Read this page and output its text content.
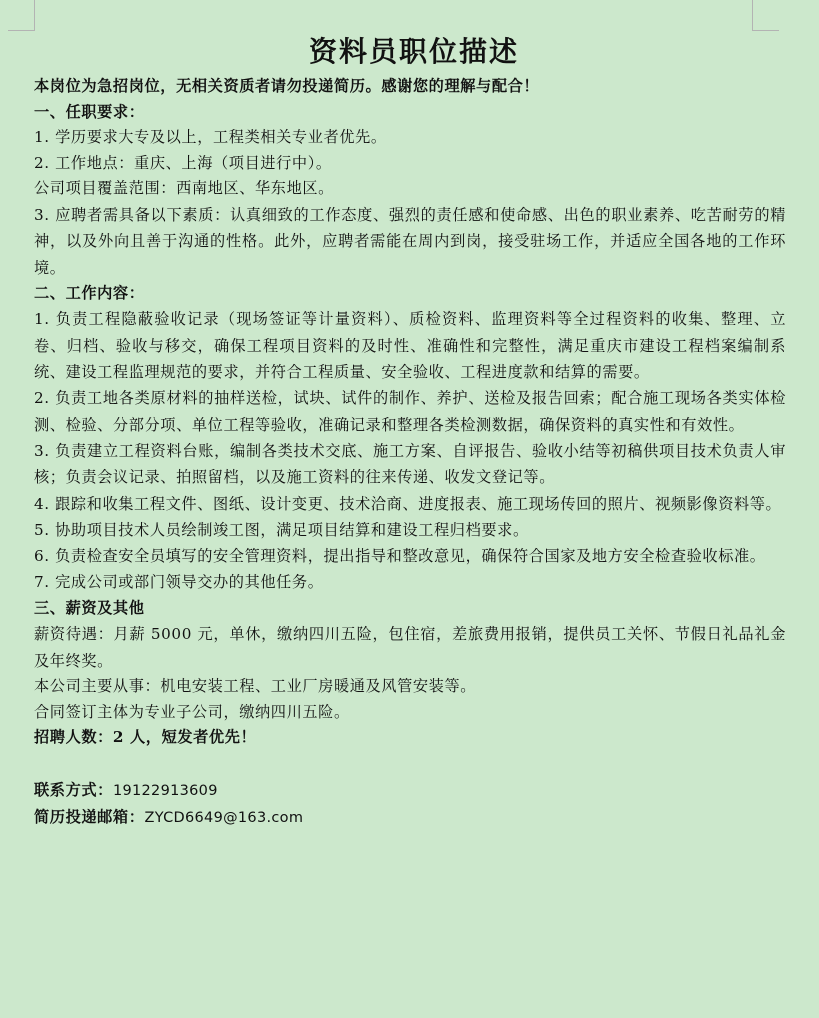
资料员职位描述

本岗位为急招岗位，无相关资质者请勿投递简历。感谢您的理解与配合！

一、任职要求：

1. 学历要求大专及以上，工程类相关专业者优先。

2. 工作地点：重庆、上海（项目进行中）。

公司项目覆盖范围：西南地区、华东地区。

3. 应聘者需具备以下素质：认真细致的工作态度、强烈的责任感和使命感、出色的职业素养、吃苦耐劳的精神，以及外向且善于沟通的性格。此外，应聘者需能在周内到岗，接受驻场工作，并适应全国各地的工作环境。

二、工作内容：

1. 负责工程隐蔽验收记录（现场签证等计量资料）、质检资料、监理资料等全过程资料的收集、整理、立卷、归档、验收与移交，确保工程项目资料的及时性、准确性和完整性，满足重庆市建设工程档案编制系统、建设工程监理规范的要求，并符合工程质量、安全验收、工程进度款和结算的需要。

2. 负责工地各类原材料的抽样送检，试块、试件的制作、养护、送检及报告回索；配合施工现场各类实体检测、检验、分部分项、单位工程等验收，准确记录和整理各类检测数据，确保资料的真实性和有效性。

3. 负责建立工程资料台账，编制各类技术交底、施工方案、自评报告、验收小结等初稿供项目技术负责人审核；负责会议记录、拍照留档，以及施工资料的往来传递、收发文登记等。

4. 跟踪和收集工程文件、图纸、设计变更、技术洽商、进度报表、施工现场传回的照片、视频影像资料等。

5. 协助项目技术人员绘制竣工图，满足项目结算和建设工程归档要求。

6. 负责检查安全员填写的安全管理资料，提出指导和整改意见，确保符合国家及地方安全检查验收标准。

7. 完成公司或部门领导交办的其他任务。

三、薪资及其他

薪资待遇：月薪 5000 元，单休，缴纳四川五险，包住宿，差旅费用报销，提供员工关怀、节假日礼品礼金及年终奖。

本公司主要从事：机电安装工程、工业厂房暖通及风管安装等。

合同签订主体为专业子公司，缴纳四川五险。

招聘人数：2 人，短发者优先！

联系方式：19122913609

简历投递邮箱：ZYCD6649@163.com
